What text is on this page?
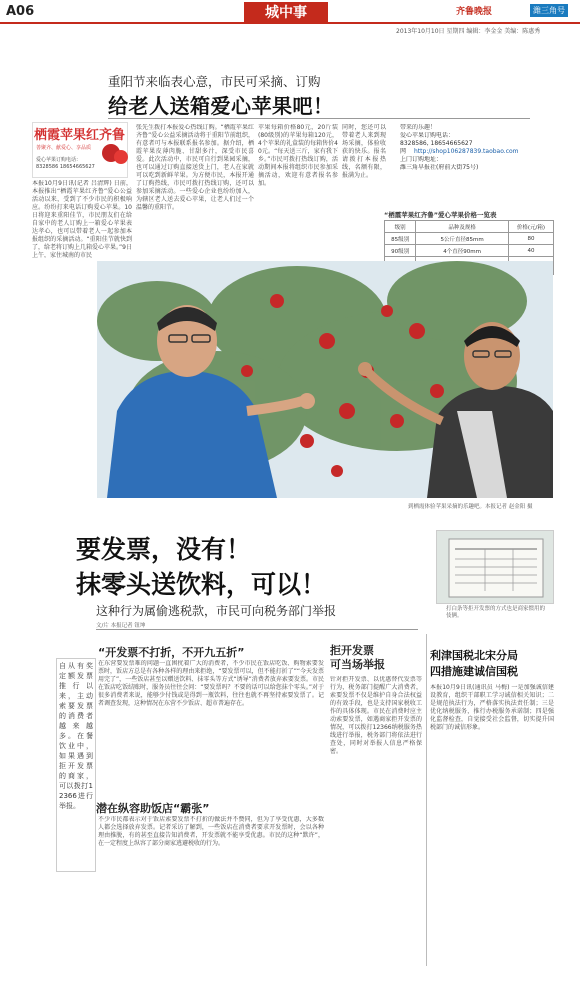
A06	城中事	齐鲁晚报	潍三角号
2013年10月10日 星期四 编辑：李金金 美编：陈惠秀
重阳节来临表心意，市民可采摘、订购
给老人送箱爱心苹果吧！
栖霞苹果红齐鲁
善聚齐、献爱心、享品质
爱心苹果订购电话：
8328586 18654665627
本报10月9日讯(记者 吕清辉) 日前，本报推出“栖霞苹果红齐鲁”爱心公益活动以来，受到了不少市民的积极响应。纷纷打来电话订购爱心苹果。10日将迎来重阳佳节，市民朋友们在给自家中的老人订购上一箱爱心苹果表达孝心，也可以带着老人一起参加本报组织的采摘活动。“重阳佳节就快到了，给老将订购上几箱爱心苹果。”9日上午，家住城南的市民
张先生拨打本报爱心热线订购。“栖霞苹果红齐鲁”爱心公益采摘活动将于重阳节前组织，有意者可与本报联系报名参加。据介绍，栖霞苹果皮薄肉脆、甘甜多汁，深受市民喜爱。此次活动中，市民可自行到果园采摘，也可以通过订购直接送货上门，老人在家就可以吃到新鲜苹果。为方便市民，本报开通了订购热线，市民可拨打热线订购，还可以参加采摘活动。一些爱心企业也纷纷加入，为辖区老人送去爱心苹果，让老人们过一个温馨的重阳节。
苹果每箱价格80元，20斤装(80级别)的苹果每箱120元，4个苹果的礼盒装的每箱售价40元。“每天送三斤，家有我下乡。”市民可拨打热线订购，活动期间本报将组织市民参加采摘活动，欢迎有意者报名参加。
同时，您还可以带着老人来到现场采摘，体验收获的快乐。报名请拨打本报热线，名额有限，报满为止。
带来的乐趣！
爱心苹果订购电话：
8328586, 18654665627
网	http://shop106287839.taobao.com
上门订购地址：
潍三角早报社(府前大街75号)
“栖霞苹果红齐鲁”爱心苹果价格一览表
级别	品种及规格	价格(元/箱)
85级别	5公斤直径85mm	80
90级别	4个直径90mm	40

到栖霞体验苹果采摘的乐趣吧。本报记者 赵金阳 摄
要发票，没有！
抹零头送饮料，可以！
这种行为属偷逃税款，市民可向税务部门举报
文/片 本报记者 钮坤
打白条等拒开发票的方式也是商家惯用的伎俩。
自从有奖定额发票推行以来，主动索要发票的消费者越来越多。在餐饮业中，如果遇到拒开发票的商家，可以拨打12366进行举报。
“开发票不打折，不开九五折”
在东营要发票难的问题一直困扰着广大的消费者，不少市民在饭店吃饭、购物索要发票时，饭店方总是有各种各样的理由来拒绝，“要发票可以，但不能打折了”“今天发票用完了”，一些饭店甚至以赠送饮料、抹零头等方式“诱导”消费者放弃索要发票。市民在饭店吃饭结账时，服务员往往会问：“要发票吗？不要的话可以给您抹个零头。”对于很多消费者来说，能够少付钱或是得到一瓶饮料，往往也就不再坚持索要发票了。记者调查发现，这种情况在东营不少饭店、超市普遍存在。
潜在纵容助饭店“霸张”
不少市民都表示对于饭店索要发票不打折的做法并不赞同，但为了享受优惠，大多数人都会选择放弃发票。记者采访了解到，一些饭店在消费者要求开发票时，会以各种理由推脱，有的甚至直接告知消费者，开发票就不能享受优惠。市民的这种“默许”，在一定程度上纵容了部分商家逃避税收的行为。
拒开发票
可当场举报
针对拒开发票、以优惠替代发票等行为，税务部门提醒广大消费者，索要发票不仅是维护自身合法权益的有效手段，也是支持国家税收工作的具体体现。市民在消费时应主动索要发票，如遇商家拒开发票的情况，可以拨打12366纳税服务热线进行举报，税务部门将依法进行查处，同时对举报人信息严格保密。
利津国税北宋分局
四措施建诚信国税
本报10月9日讯(通讯员 马梅) 一是加强诚信建设教育，组织干部职工学习诚信相关知识；二是规范执法行为，严格落实执法责任制；三是优化纳税服务，推行办税服务承诺制；四是强化监督检查，自觉接受社会监督，切实提升国税部门的诚信形象。
